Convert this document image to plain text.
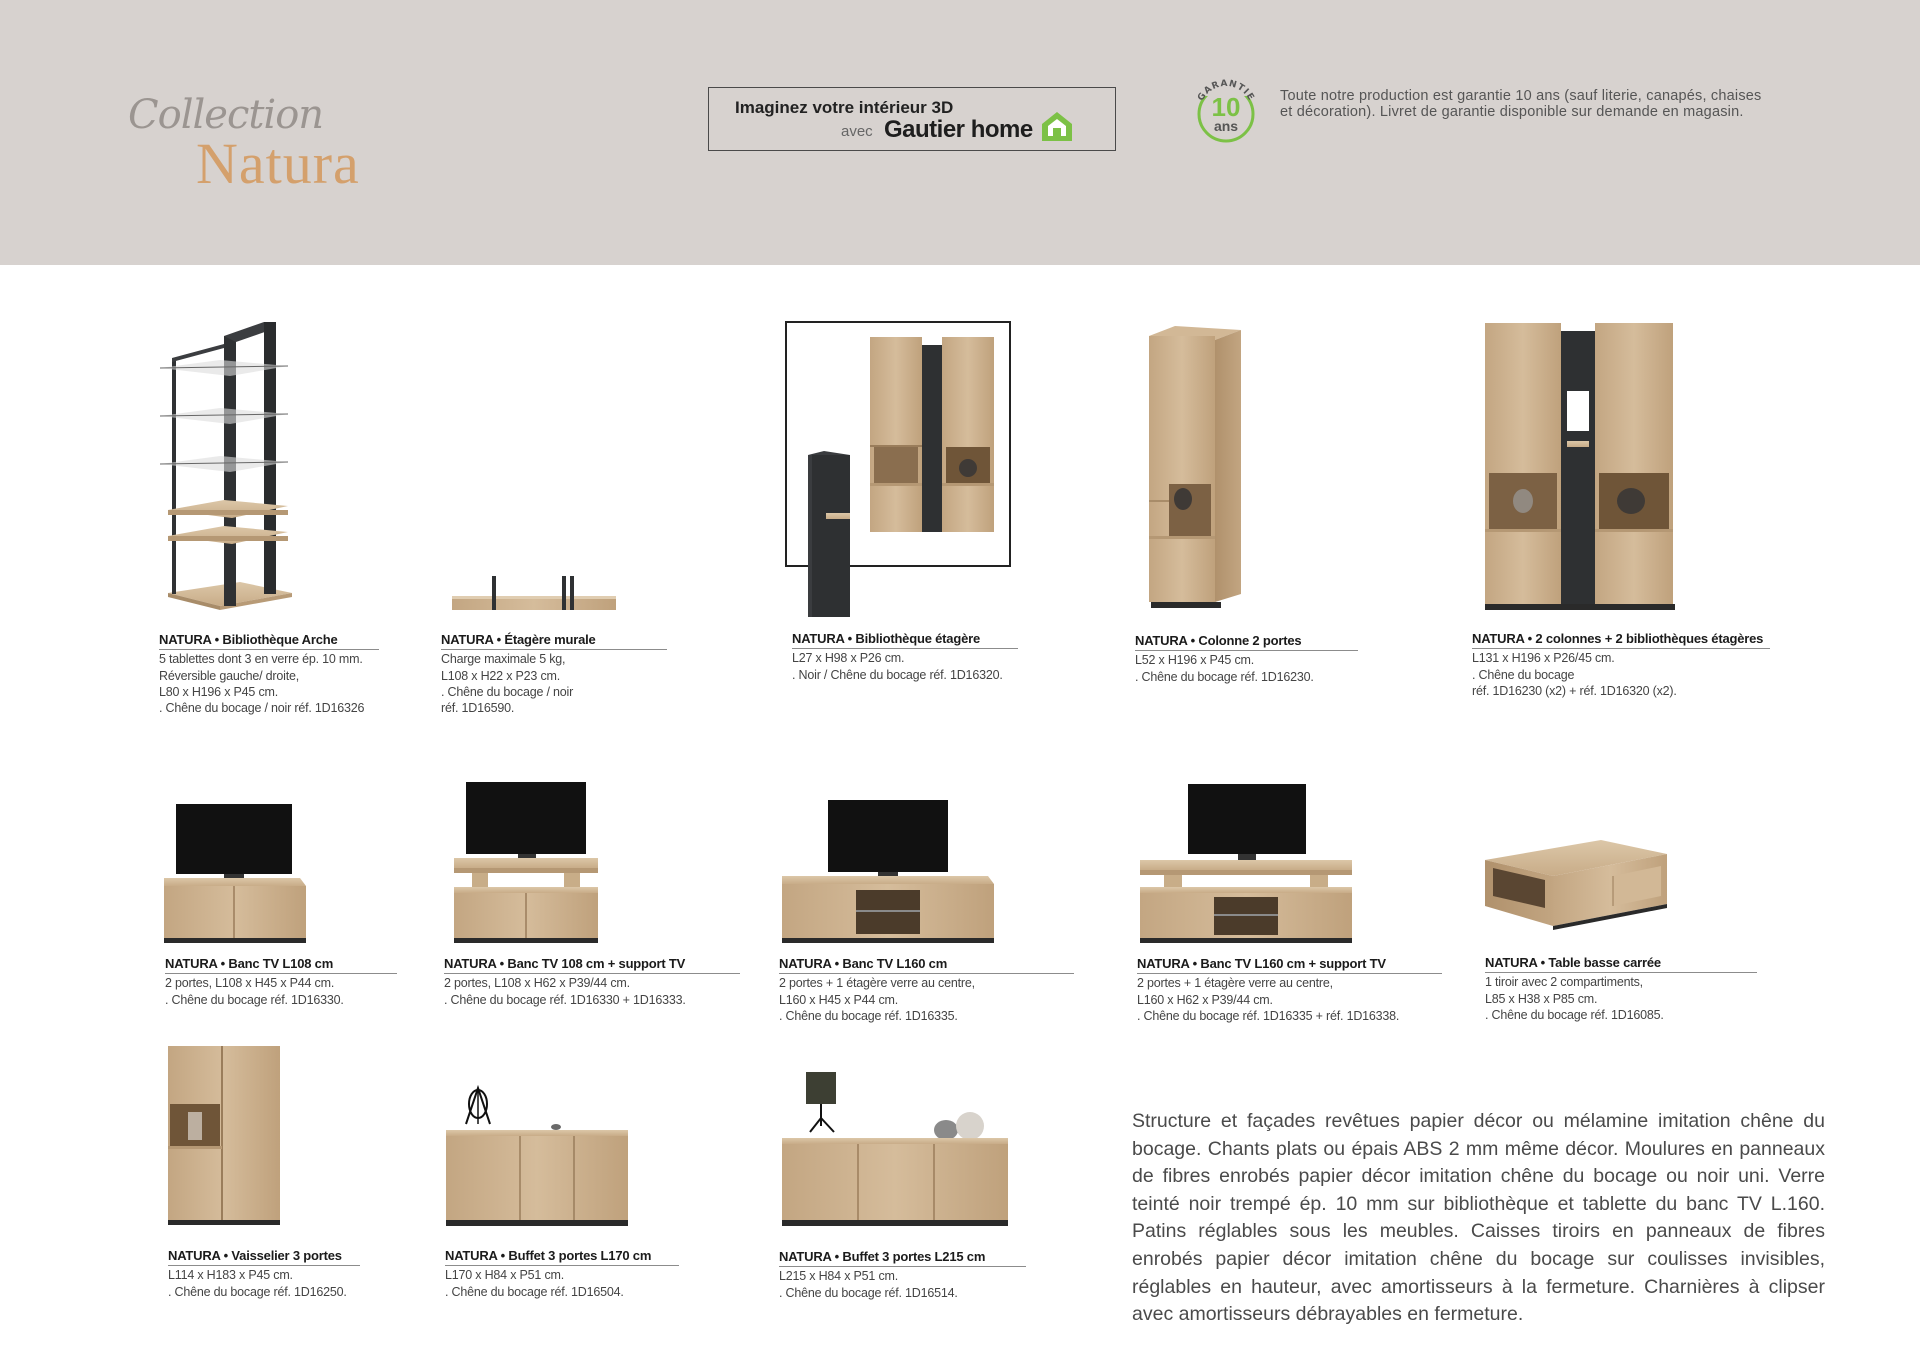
Collection
Natura
Imaginez votre intérieur 3D
avec Gautier home
GARANTIE
10
ans
Toute notre production est garantie 10 ans (sauf literie, canapés, chaises et décoration). Livret de garantie disponible sur demande en magasin.
NATURA • Bibliothèque Arche
5 tablettes dont 3 en verre ép. 10 mm.
Réversible gauche/ droite,
L80 x H196 x P45 cm.
. Chêne du bocage / noir réf. 1D16326
NATURA • Étagère murale
Charge maximale 5 kg,
L108 x H22 x P23 cm.
. Chêne du bocage / noir
réf. 1D16590.
NATURA • Bibliothèque étagère
L27 x H98 x P26 cm.
. Noir / Chêne du bocage réf. 1D16320.
NATURA • Colonne 2 portes
L52 x H196 x P45 cm.
. Chêne du bocage réf. 1D16230.
NATURA • 2 colonnes + 2 bibliothèques étagères
L131 x H196 x P26/45 cm.
. Chêne du bocage
réf. 1D16230 (x2) + réf. 1D16320 (x2).
NATURA • Banc TV L108 cm
2 portes, L108 x H45 x P44 cm.
. Chêne du bocage réf. 1D16330.
NATURA • Banc TV 108 cm + support TV
2 portes, L108 x H62 x P39/44 cm.
. Chêne du bocage réf. 1D16330 + 1D16333.
NATURA • Banc TV L160 cm
2 portes + 1 étagère verre au centre,
L160 x H45 x P44 cm.
. Chêne du bocage réf. 1D16335.
NATURA • Banc TV L160 cm + support TV
2 portes + 1 étagère verre au centre,
L160 x H62 x P39/44 cm.
. Chêne du bocage réf. 1D16335 + réf. 1D16338.
NATURA • Table basse carrée
1 tiroir avec 2 compartiments,
L85 x H38 x P85 cm.
. Chêne du bocage réf. 1D16085.
NATURA • Vaisselier 3 portes
L114 x H183 x P45 cm.
. Chêne du bocage réf. 1D16250.
NATURA • Buffet 3 portes L170 cm
L170 x H84 x P51 cm.
. Chêne du bocage réf. 1D16504.
NATURA • Buffet 3 portes L215 cm
L215 x H84 x P51 cm.
. Chêne du bocage réf. 1D16514.
Structure et façades revêtues papier décor ou mélamine imitation chêne du bocage. Chants plats ou épais ABS 2 mm même décor. Moulures en panneaux de fibres enrobés papier décor imitation chêne du bocage ou noir uni. Verre teinté noir trempé ép. 10 mm sur bibliothèque et tablette du banc TV L.160. Patins réglables sous les meubles. Caisses tiroirs en panneaux de fibres enrobés papier décor imitation chêne du bocage sur coulisses invisibles, réglables en hauteur, avec amortisseurs à la fermeture. Charnières à clipser avec amortisseurs débrayables en fermeture.
